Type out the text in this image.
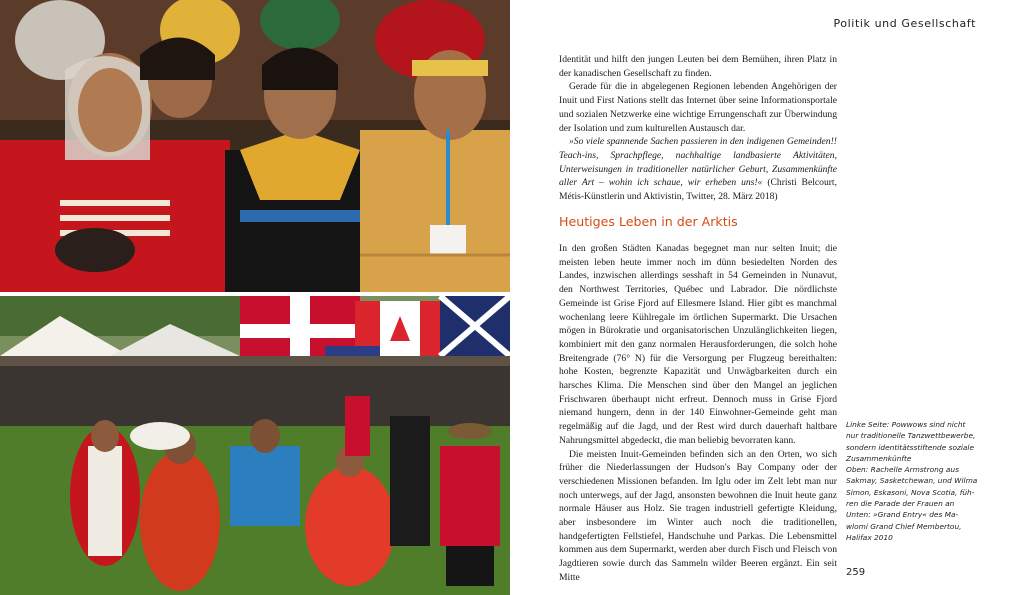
Politik und Gesellschaft

Identität und hilft den jungen Leuten bei dem Bemühen, ihren Platz in der kanadischen Gesellschaft zu finden.

Gerade für die in abgelegenen Regionen lebenden Angehörigen der Inuit und First Nations stellt das Internet über seine Informationsportale und sozialen Netzwerke eine wichtige Errungenschaft zur Überwindung der Isolation und zum kulturellen Austausch dar.

»So viele spannende Sachen passieren in den indigenen Gemeinden!! Teach-ins, Sprachpflege, nachhaltige landbasierte Aktivitäten, Unterweisungen in traditioneller natürlicher Geburt, Zusammenkünfte aller Art – wohin ich schaue, wir erheben uns!« (Christi Belcourt, Métis-Künstlerin und Aktivistin, Twitter, 28. März 2018)

Heutiges Leben in der Arktis

In den großen Städten Kanadas begegnet man nur selten Inuit; die meisten leben heute immer noch im dünn besiedelten Norden des Landes, inzwischen allerdings sesshaft in 54 Gemeinden in Nunavut, den Northwest Territories, Québec und Labrador. Die nördlichste Gemeinde ist Grise Fjord auf Ellesmere Island. Hier gibt es manchmal wochenlang leere Kühlregale im örtlichen Supermarkt. Die Ursachen mögen in Bürokratie und organisatorischen Unzulänglichkeiten liegen, kombiniert mit den ganz normalen Herausforderungen, die solch hohe Breitengrade (76° N) für die Versorgung per Flugzeug bereithalten: hohe Kosten, begrenzte Kapazität und Unwägbarkeiten durch ein harsches Klima. Die Menschen sind über den Mangel an jeglichen Frischwaren überhaupt nicht erfreut. Dennoch muss in Grise Fjord niemand hungern, denn in der 140 Einwohner-Gemeinde geht man regelmäßig auf die Jagd, und der Rest wird durch dauerhaft haltbare Nahrungsmittel abgedeckt, die man beliebig bevorraten kann.

Die meisten Inuit-Gemeinden befinden sich an den Orten, wo sich früher die Niederlassungen der Hudson's Bay Company oder der verschiedenen Missionen befanden. Im Iglu oder im Zelt lebt man nur noch unterwegs, auf der Jagd, ansonsten bewohnen die Inuit heute ganz normale Häuser aus Holz. Sie tragen industriell gefertigte Kleidung, aber insbesondere im Winter auch noch die traditionellen, handgefertigten Fellstiefel, Handschuhe und Parkas. Die Lebensmittel kommen aus dem Supermarkt, werden aber durch Fisch und Fleisch von Jagdtieren sowie durch das Sammeln wilder Beeren ergänzt. Ein seit Mitte

Linke Seite: Powwows sind nicht
nur traditionelle Tanzwettbewerbe,
sondern identitätsstiftende soziale
Zusammenkünfte
Oben: Rachelle Armstrong aus
Sakmay, Sasketchewan, und Wilma
Simon, Eskasoni, Nova Scotia, füh-
ren die Parade der Frauen an
Unten: »Grand Entry« des Ma-
wlomi Grand Chief Membertou,
Halifax 2010
259
